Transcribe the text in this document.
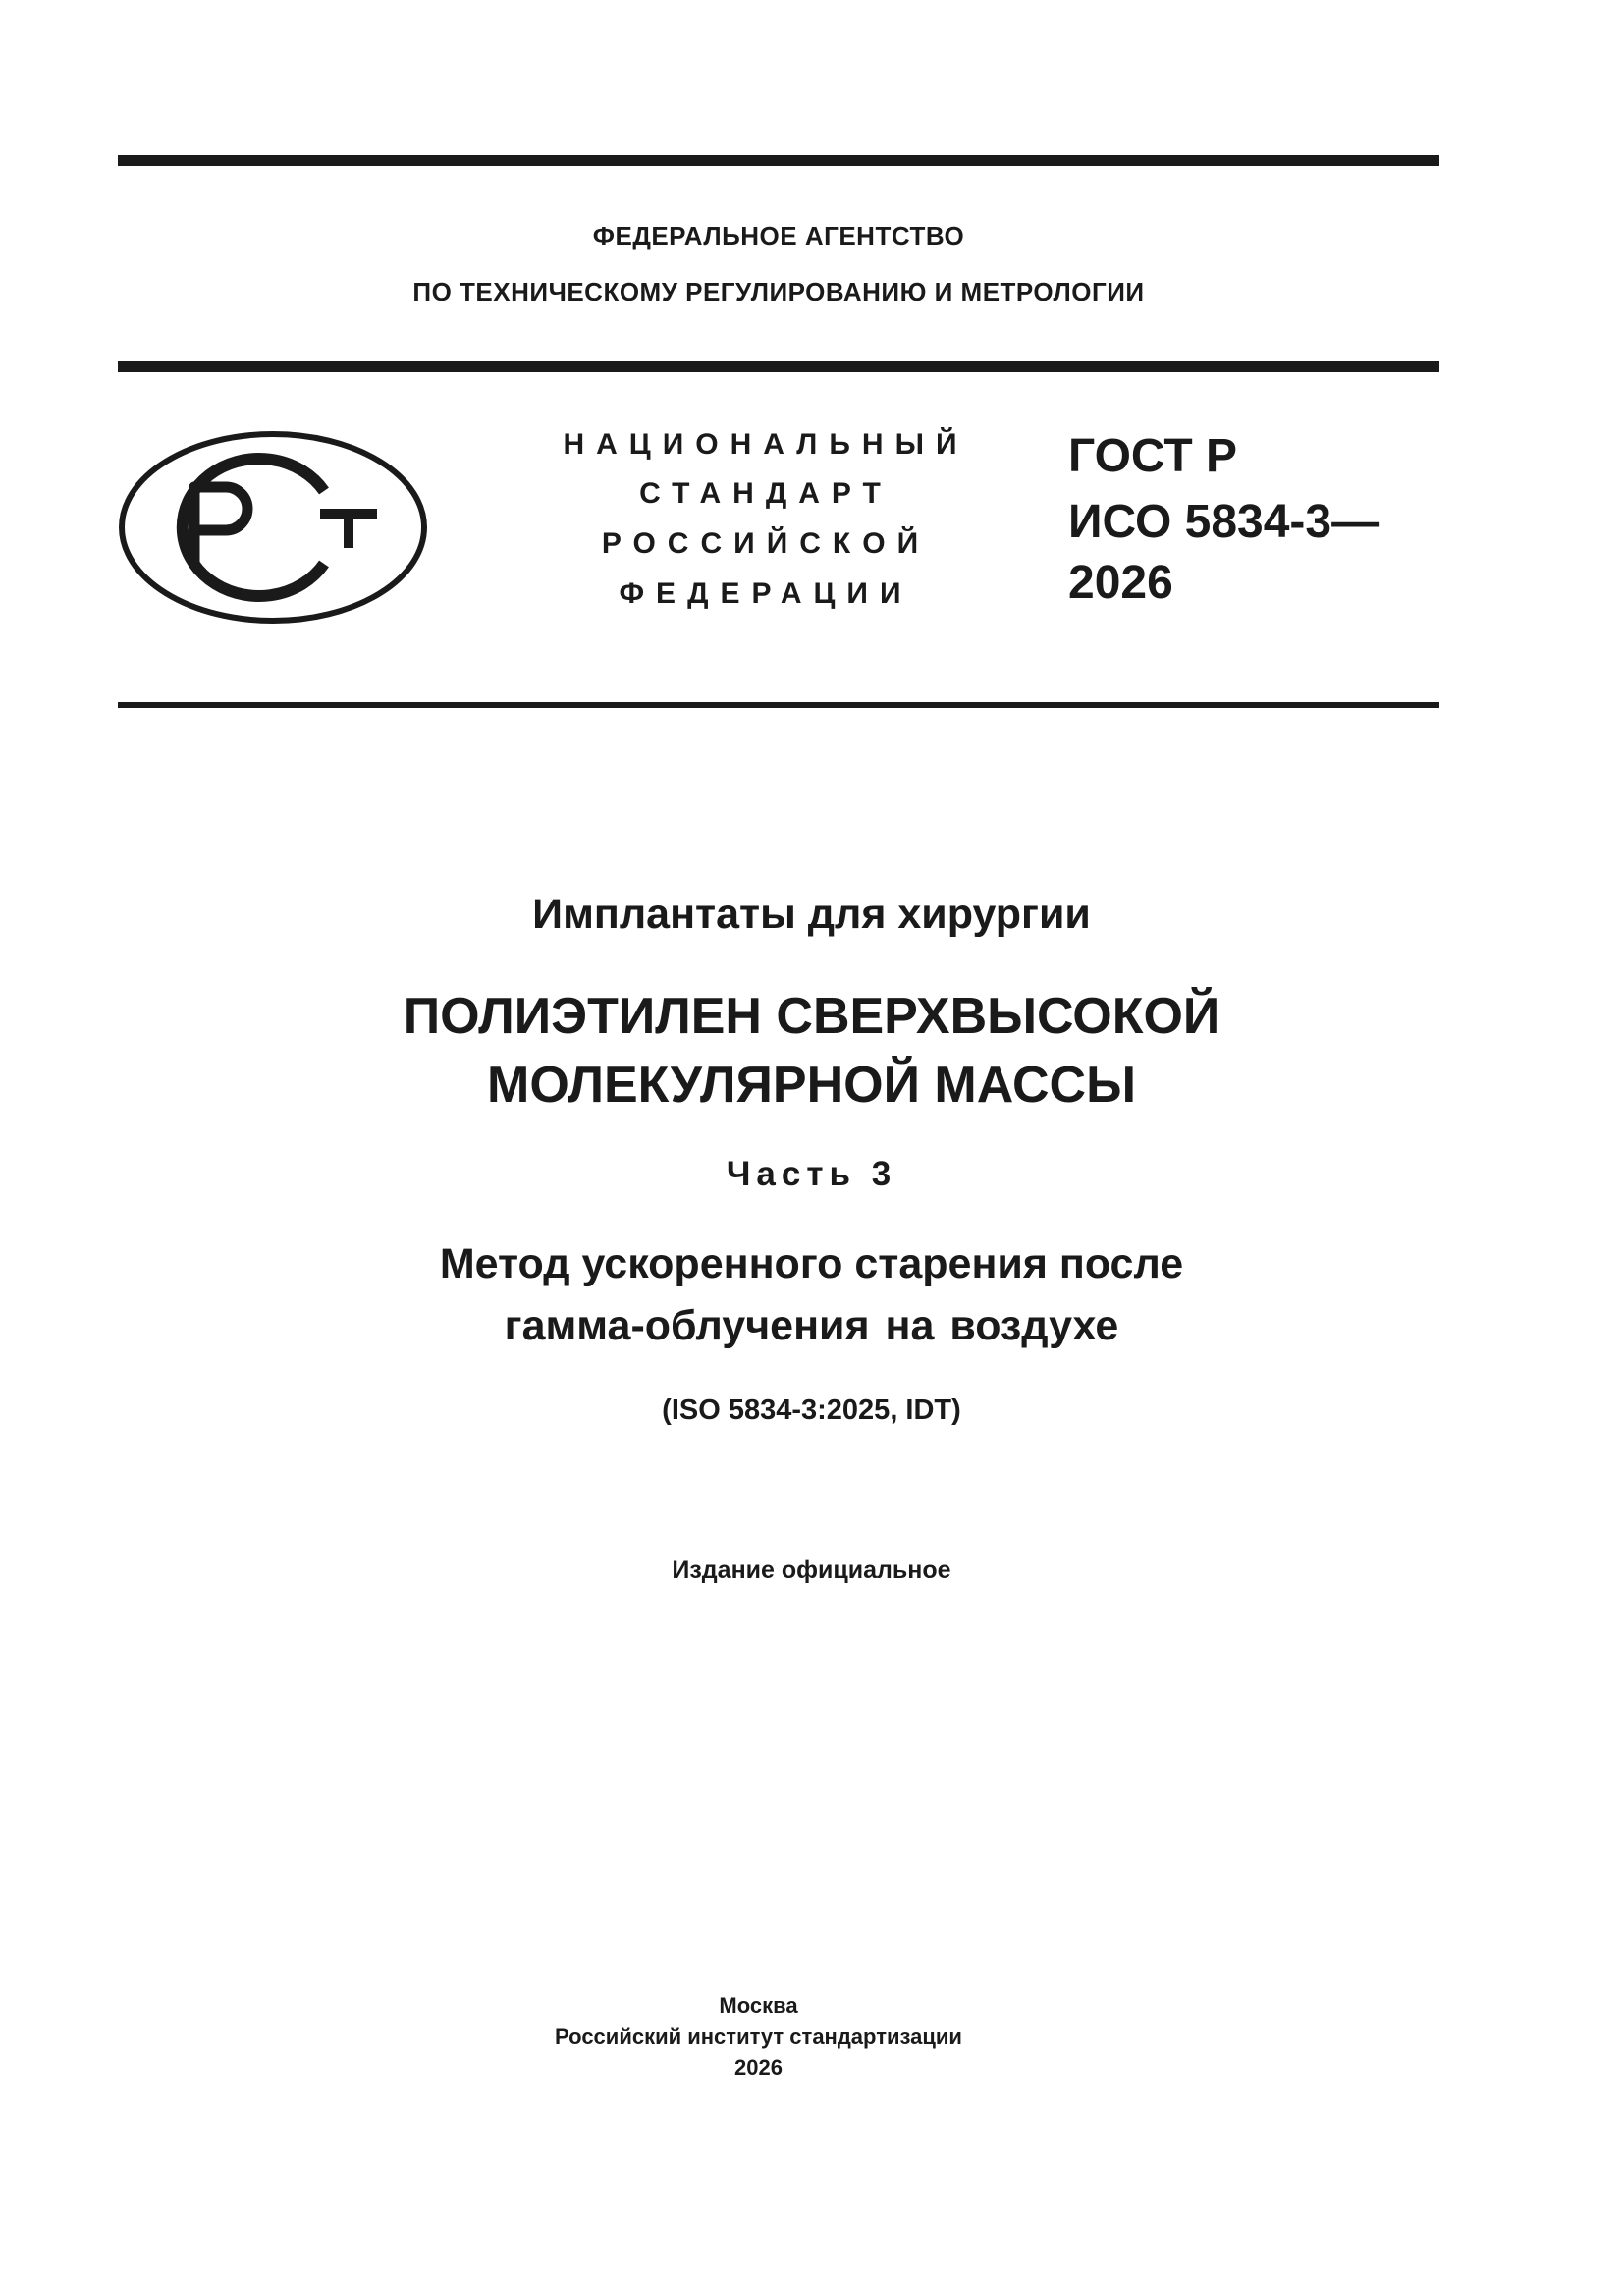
ФЕДЕРАЛЬНОЕ АГЕНТСТВО
ПО ТЕХНИЧЕСКОМУ РЕГУЛИРОВАНИЮ И МЕТРОЛОГИИ
НАЦИОНАЛЬНЫЙ
СТАНДАРТ
РОССИЙСКОЙ
ФЕДЕРАЦИИ
ГОСТ Р
ИСО 5834-3—
2026
Имплантаты для хирургии
ПОЛИЭТИЛЕН СВЕРХВЫСОКОЙ
МОЛЕКУЛЯРНОЙ МАССЫ
Часть 3
Метод ускоренного старения после
гамма-облучения на воздухе
(ISO 5834-3:2025, IDT)
Издание официальное
Москва
Российский институт стандартизации
2026
